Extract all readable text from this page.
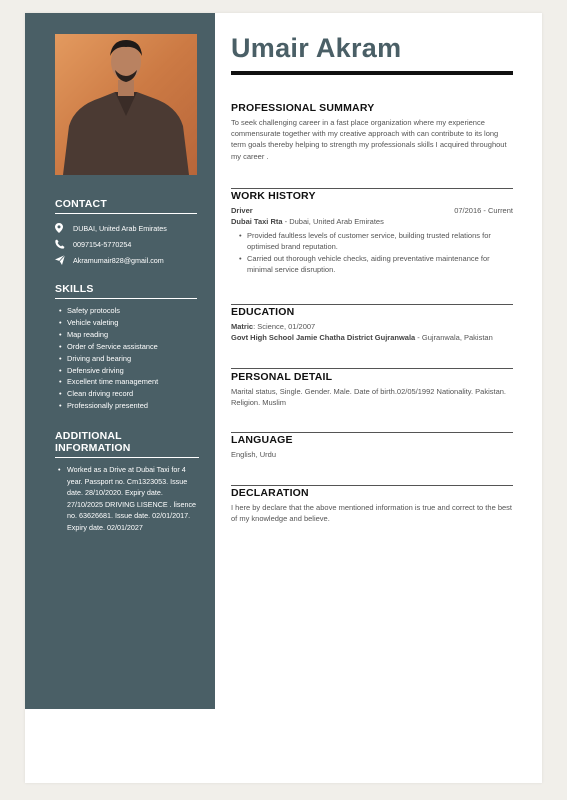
CONTACT
DUBAI, United Arab Emirates
0097154-5770254
Akramumair828@gmail.com
SKILLS
• Safety protocols
• Vehicle valeting
• Map reading
• Order of Service assistance
• Driving and bearing
• Defensive driving
• Excellent time management
• Clean driving record
• Professionally presented
ADDITIONAL INFORMATION
• Worked as a Drive at Dubai Taxi for 4 year. Passport no. Cm1323053. Issue date. 28/10/2020. Expiry date. 27/10/2025 DRIVING LISENCE . lisence no. 63626681. Issue date. 02/01/2017. Expiry date. 02/01/2027
Umair Akram
PROFESSIONAL SUMMARY
To seek challenging career in a fast place organization where my experience commensurate together with my creative approach with can contribute to its long term goals thereby helping to strength my professionals skills I acquired throughout my career .
WORK HISTORY
Driver	07/2016 - Current
Dubai Taxi Rta - Dubai, United Arab Emirates
• Provided faultless levels of customer service, building trusted relations for optimised brand reputation.
• Carried out thorough vehicle checks, aiding preventative maintenance for minimal service disruption.
EDUCATION
Matric: Science, 01/2007
Govt High School Jamie Chatha District Gujranwala - Gujranwala, Pakistan
PERSONAL DETAIL
Marital status, Single. Gender. Male. Date of birth.02/05/1992 Nationality. Pakistan. Religion. Muslim
LANGUAGE
English, Urdu
DECLARATION
I here by declare that the above mentioned information is true and correct to the best of my knowledge and believe.
